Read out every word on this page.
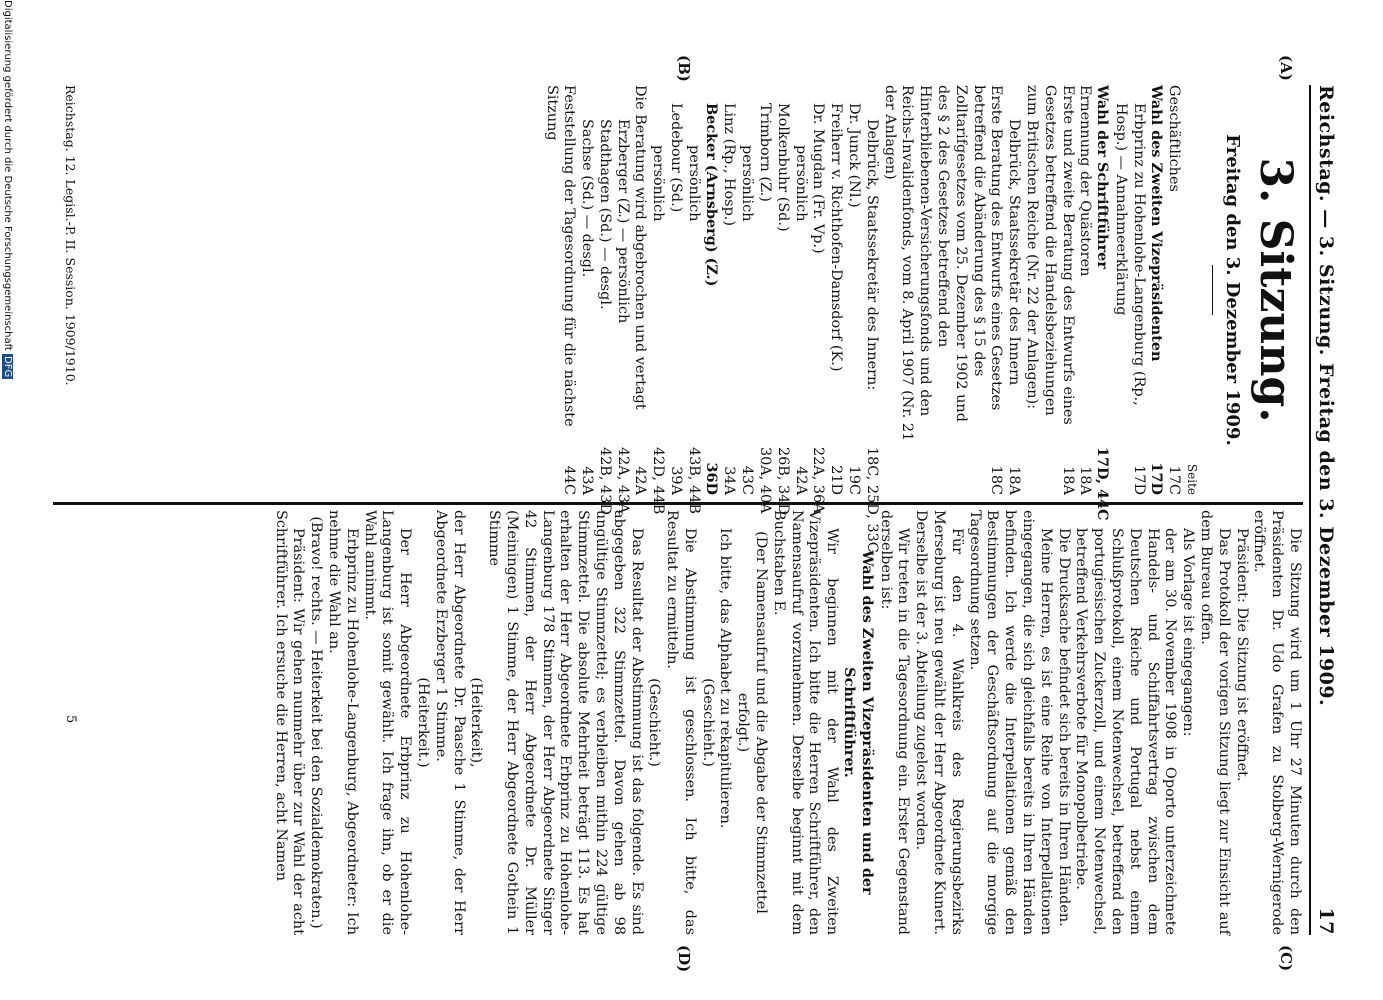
Reichstag. — 3. Sitzung. Freitag den 3. Dezember 1909.
17
(A)
(B)
(C)
(D)
3. Sitzung.
Freitag den 3. Dezember 1909.
Seite
Geschäftliches
17C
Wahl des Zweiten Vizepräsidenten
17D
Erbprinz zu Hohenlohe-Langenburg (Rp., Hosp.) — Annahmeerklärung
17D
Wahl der Schriftführer
17D, 44C
Ernennung der Quästoren
18A
Erste und zweite Beratung des Entwurfs eines Gesetzes betreffend die Handelsbeziehungen zum Britischen Reiche (Nr. 22 der Anlagen):
18A
Delbrück, Staatssekretär des Innern
18A
Erste Beratung des Entwurfs eines Gesetzes betreffend die Abänderung des § 15 des Zolltarifgesetzes vom 25. Dezember 1902 und des § 2 des Gesetzes betreffend den Hinterbliebenen-Versicherungsfonds und den Reichs-Invalidenfonds, vom 8. April 1907 (Nr. 21 der Anlagen)
18C
Delbrück, Staatssekretär des Innern:
18C, 25D, 33C
Dr. Junck (Nl.)
19C
Freiherr v. Richthofen-Damsdorf (K.)
21D
Dr. Mugdan (Fr. Vp.)
22A, 36A
persönlich
42A
Molkenbuhr (Sd.)
26B, 34D
Trimborn (Z.)
30A, 40A
persönlich
43C
Linz (Rp., Hosp.)
34A
Becker (Arnsberg) (Z.)
36D
persönlich
43B, 44B
Ledebour (Sd.)
39A
persönlich
42D, 44B
Die Beratung wird abgebrochen und vertagt
42A
Erzberger (Z.) — persönlich
42A, 43A
Stadthagen (Sd.) — desgl.
42B, 43D
Sachse (Sd.) — desgl.
43A
Feststellung der Tagesordnung für die nächste Sitzung
44C

Die Sitzung wird um 1 Uhr 27 Minuten durch den Präsidenten Dr. Udo Grafen zu Stolberg-Wernigerode eröffnet.

Präsident: Die Sitzung ist eröffnet.

Das Protokoll der vorigen Sitzung liegt zur Einsicht auf dem Bureau offen.

Als Vorlage ist eingegangen:

der am 30. November 1908 in Oporto unterzeichnete Handels- und Schiffahrtsvertrag zwischen dem Deutschen Reiche und Portugal nebst einem Schlußprotokoll, einem Notenwechsel, betreffend den portugiesischen Zuckerzoll, und einem Notenwechsel, betreffend Verkehrsverbote für Monopolbetriebe.

Die Drucksache befindet sich bereits in Ihren Händen.

Meine Herren, es ist eine Reihe von Interpellationen eingegangen, die sich gleichfalls bereits in Ihren Händen befinden. Ich werde die Interpellationen gemäß den Bestimmungen der Geschäftsordnung auf die morgige Tagesordnung setzen.

Für den 4. Wahlkreis des Regierungsbezirks Merseburg ist neu gewählt der Herr Abgeordnete Kunert. Derselbe ist der 3. Abteilung zugelost worden.

Wir treten in die Tagesordnung ein. Erster Gegenstand derselben ist:

Wahl des Zweiten Vizepräsidenten und der Schriftführer.

Wir beginnen mit der Wahl des Zweiten Vizepräsidenten. Ich bitte die Herren Schriftführer, den Namensaufruf vorzunehmen. Derselbe beginnt mit dem Buchstaben E.

(Der Namensaufruf und die Abgabe der Stimmzettel erfolgt.)

Ich bitte, das Alphabet zu rekapitulieren.

(Geschieht.)

Die Abstimmung ist geschlossen. Ich bitte, das Resultat zu ermitteln.

(Geschieht.)

Das Resultat der Abstimmung ist das folgende. Es sind abgegeben 322 Stimmzettel. Davon gehen ab 98 ungültige Stimmzettel; es verbleiben mithin 224 gültige Stimmzettel. Die absolute Mehrheit beträgt 113. Es hat erhalten der Herr Abgeordnete Erbprinz zu Hohenlohe-Langenburg 178 Stimmen, der Herr Abgeordnete Singer 42 Stimmen, der Herr Abgeordnete Dr. Müller (Meiningen) 1 Stimme, der Herr Abgeordnete Gothein 1 Stimme

(Heiterkeit),

der Herr Abgeordnete Dr. Paasche 1 Stimme, der Herr Abgeordnete Erzberger 1 Stimme.

(Heiterkeit.)

Der Herr Abgeordnete Erbprinz zu Hohenlohe-Langenburg ist somit gewählt. Ich frage ihn, ob er die Wahl annimmt.

Erbprinz zu Hohenlohe-Langenburg, Abgeordneter: Ich nehme die Wahl an.

(Bravo! rechts. — Heiterkeit bei den Sozialdemokraten.)

Präsident: Wir gehen nunmehr über zur Wahl der acht Schriftführer. Ich ersuche die Herren, acht Namen

Reichstag. 12. Legisl.-P. II. Session. 1909/1910.
5
Digitalisierung gefördert durch die Deutsche Forschungsgemeinschaft DFG
